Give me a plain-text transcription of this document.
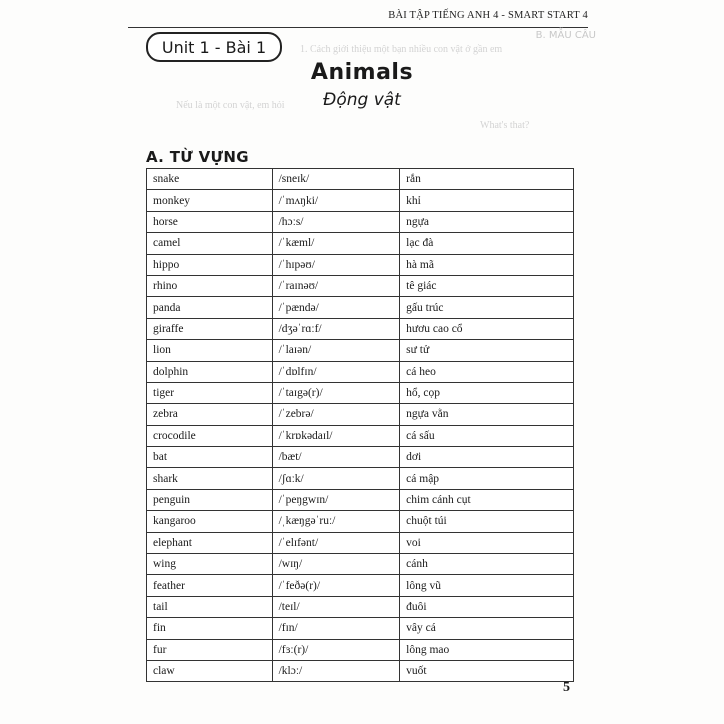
BÀI TẬP TIẾNG ANH 4 - SMART START 4
B. MẪU CÂU
1. Cách giới thiệu một bạn nhiều con vật ở gần em
What's that?
Nếu là một con vật, em hỏi
Unit 1 - Bài 1
Animals
Động vật
A. TỪ VỰNG
snake	/sneɪk/	rắn
monkey	/ˈmʌŋki/	khỉ
horse	/hɔːs/	ngựa
camel	/ˈkæml/	lạc đà
hippo	/ˈhɪpəʊ/	hà mã
rhino	/ˈraɪnəʊ/	tê giác
panda	/ˈpændə/	gấu trúc
giraffe	/dʒəˈrɑːf/	hươu cao cổ
lion	/ˈlaɪən/	sư tử
dolphin	/ˈdɒlfɪn/	cá heo
tiger	/ˈtaɪgə(r)/	hổ, cọp
zebra	/ˈzebrə/	ngựa vằn
crocodile	/ˈkrɒkədaɪl/	cá sấu
bat	/bæt/	dơi
shark	/ʃɑːk/	cá mập
penguin	/ˈpeŋgwɪn/	chim cánh cụt
kangaroo	/ˌkæŋgəˈruː/	chuột túi
elephant	/ˈelɪfənt/	voi
wing	/wɪŋ/	cánh
feather	/ˈfeðə(r)/	lông vũ
tail	/teɪl/	đuôi
fin	/fɪn/	vây cá
fur	/fɜː(r)/	lông mao
claw	/klɔː/	vuốt
5
